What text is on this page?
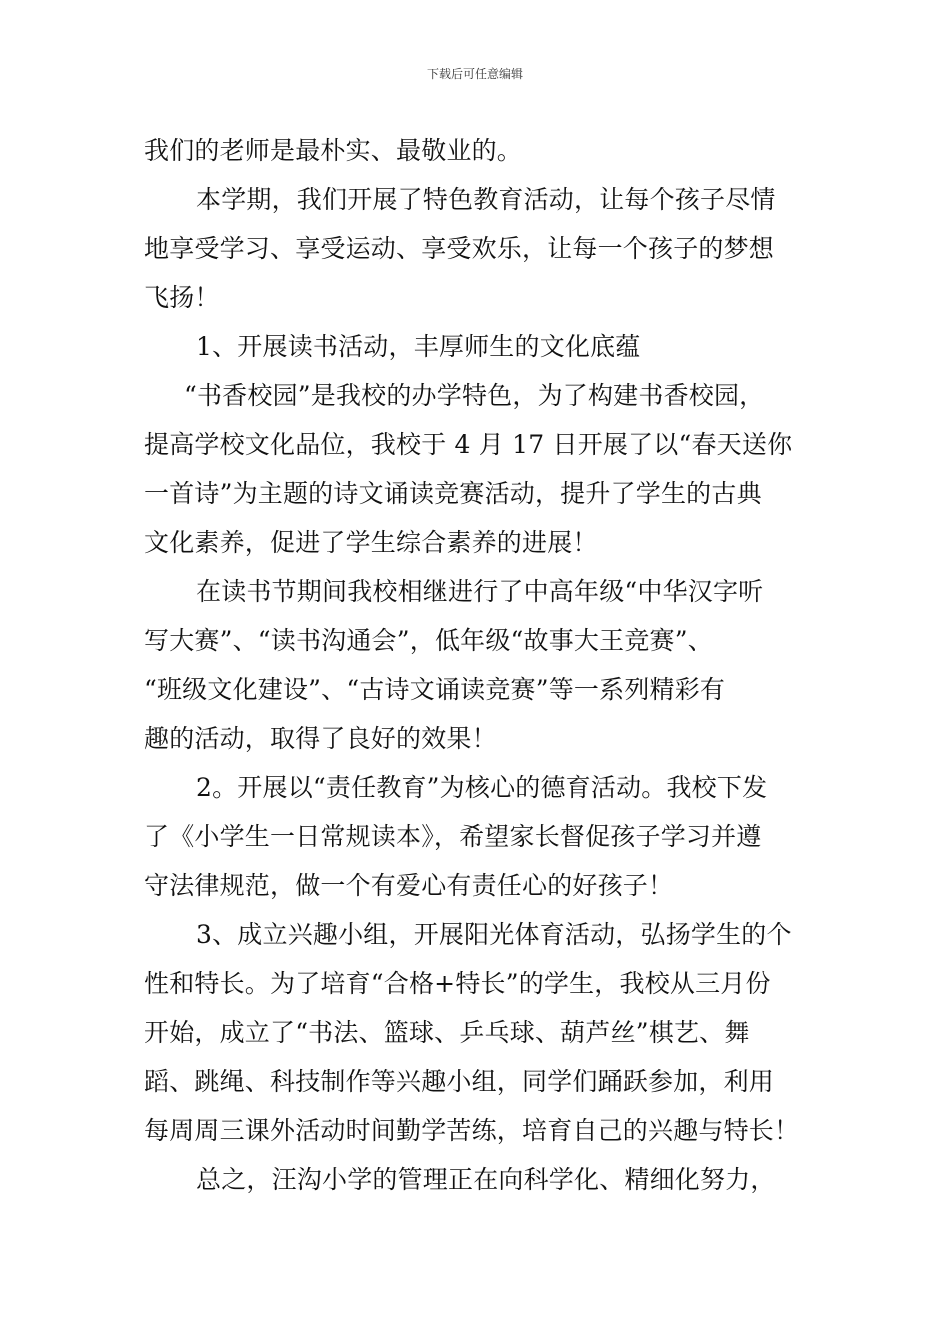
下载后可任意编辑
我们的老师是最朴实、最敬业的。
本学期，我们开展了特色教育活动，让每个孩子尽情
地享受学习、享受运动、享受欢乐，让每一个孩子的梦想
飞扬！
1、开展读书活动，丰厚师生的文化底蕴
“书香校园”是我校的办学特色，为了构建书香校园，
提高学校文化品位，我校于 4 月 17 日开展了以“春天送你
一首诗”为主题的诗文诵读竞赛活动，提升了学生的古典
文化素养，促进了学生综合素养的进展！
在读书节期间我校相继进行了中高年级“中华汉字听
写大赛”、“读书沟通会”，低年级“故事大王竞赛”、
“班级文化建设”、“古诗文诵读竞赛”等一系列精彩有
趣的活动，取得了良好的效果！
2。开展以“责任教育”为核心的德育活动。我校下发
了《小学生一日常规读本》，希望家长督促孩子学习并遵
守法律规范，做一个有爱心有责任心的好孩子！
3、成立兴趣小组，开展阳光体育活动，弘扬学生的个
性和特长。为了培育“合格+特长”的学生，我校从三月份
开始，成立了“书法、篮球、乒乓球、葫芦丝”棋艺、舞
蹈、跳绳、科技制作等兴趣小组，同学们踊跃参加，利用
每周周三课外活动时间勤学苦练，培育自己的兴趣与特长！
总之，汪沟小学的管理正在向科学化、精细化努力，
